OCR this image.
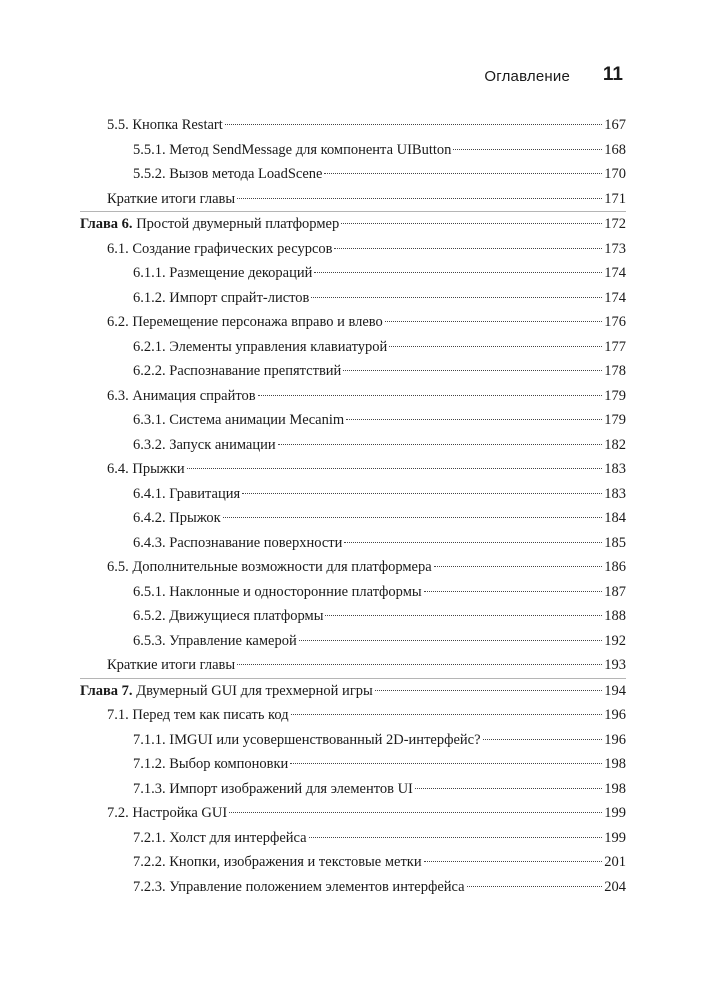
Оглавление 11
5.5. Кнопка Restart	167
5.5.1. Метод SendMessage для компонента UIButton	168
5.5.2. Вызов метода LoadScene	170
Краткие итоги главы	171
Глава 6. Простой двумерный платформер	172
6.1. Создание графических ресурсов	173
6.1.1. Размещение декораций	174
6.1.2. Импорт спрайт-листов	174
6.2. Перемещение персонажа вправо и влево	176
6.2.1. Элементы управления клавиатурой	177
6.2.2. Распознавание препятствий	178
6.3. Анимация спрайтов	179
6.3.1. Система анимации Mecanim	179
6.3.2. Запуск анимации	182
6.4. Прыжки	183
6.4.1. Гравитация	183
6.4.2. Прыжок	184
6.4.3. Распознавание поверхности	185
6.5. Дополнительные возможности для платформера	186
6.5.1. Наклонные и односторонние платформы	187
6.5.2. Движущиеся платформы	188
6.5.3. Управление камерой	192
Краткие итоги главы	193
Глава 7. Двумерный GUI для трехмерной игры	194
7.1. Перед тем как писать код	196
7.1.1. IMGUI или усовершенствованный 2D-интерфейс?	196
7.1.2. Выбор компоновки	198
7.1.3. Импорт изображений для элементов UI	198
7.2. Настройка GUI	199
7.2.1. Холст для интерфейса	199
7.2.2. Кнопки, изображения и текстовые метки	201
7.2.3. Управление положением элементов интерфейса	204
